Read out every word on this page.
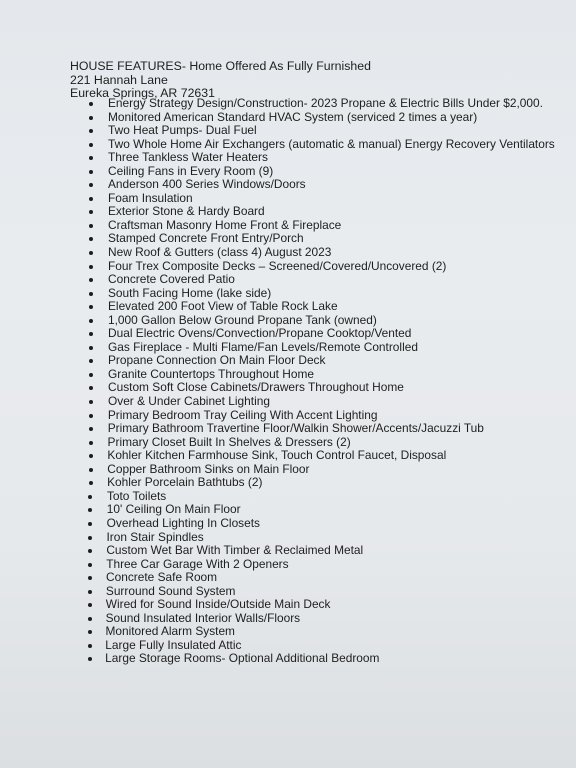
HOUSE FEATURES- Home Offered As Fully Furnished
221 Hannah Lane
Eureka Springs, AR 72631
Energy Strategy Design/Construction- 2023 Propane & Electric Bills Under $2,000.
Monitored American Standard HVAC System (serviced 2 times a year)
Two Heat Pumps- Dual Fuel
Two Whole Home Air Exchangers (automatic & manual) Energy Recovery Ventilators
Three Tankless Water Heaters
Ceiling Fans in Every Room (9)
Anderson 400 Series Windows/Doors
Foam Insulation
Exterior Stone & Hardy Board
Craftsman Masonry Home Front & Fireplace
Stamped Concrete Front Entry/Porch
New Roof & Gutters (class 4) August 2023
Four Trex Composite Decks – Screened/Covered/Uncovered (2)
Concrete Covered Patio
South Facing Home (lake side)
Elevated 200 Foot View of Table Rock Lake
1,000 Gallon Below Ground Propane Tank (owned)
Dual Electric Ovens/Convection/Propane Cooktop/Vented
Gas Fireplace - Multi Flame/Fan Levels/Remote Controlled
Propane Connection On Main Floor Deck
Granite Countertops Throughout Home
Custom Soft Close Cabinets/Drawers Throughout Home
Over & Under Cabinet Lighting
Primary Bedroom Tray Ceiling With Accent Lighting
Primary Bathroom Travertine Floor/Walkin Shower/Accents/Jacuzzi Tub
Primary Closet Built In Shelves & Dressers (2)
Kohler Kitchen Farmhouse Sink, Touch Control Faucet, Disposal
Copper Bathroom Sinks on Main Floor
Kohler Porcelain Bathtubs (2)
Toto Toilets
10' Ceiling On Main Floor
Overhead Lighting In Closets
Iron Stair Spindles
Custom Wet Bar With Timber & Reclaimed Metal
Three Car Garage With 2 Openers
Concrete Safe Room
Surround Sound System
Wired for Sound Inside/Outside Main Deck
Sound Insulated Interior Walls/Floors
Monitored Alarm System
Large Fully Insulated Attic
Large Storage Rooms- Optional Additional Bedroom
